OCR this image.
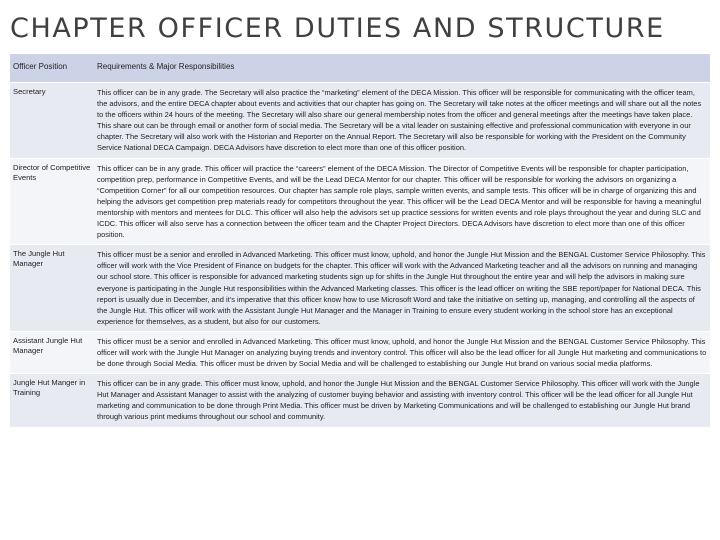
CHAPTER OFFICER DUTIES AND STRUCTURE
Officer Position	Requirements & Major Responsibilities
Secretary	This officer can be in any grade. The Secretary will also practice the “marketing” element of the DECA Mission. This officer will be responsible for communicating with the officer team, the advisors, and the entire DECA chapter about events and activities that our chapter has going on. The Secretary will take notes at the officer meetings and will share out all the notes to the officers within 24 hours of the meeting. The Secretary will also share our general membership notes from the officer and general meetings after the meetings have taken place. This share out can be through email or another form of social media. The Secretary will be a vital leader on sustaining effective and professional communication with everyone in our chapter. The Secretary will also work with the Historian and Reporter on the Annual Report. The Secretary will also be responsible for working with the President on the Community Service National DECA Campaign. DECA Advisors have discretion to elect more than one of this officer position.
Director of Competitive Events	This officer can be in any grade. This officer will practice the “careers” element of the DECA Mission. The Director of Competitive Events will be responsible for chapter participation, competition prep, performance in Competitive Events, and will be the Lead DECA Mentor for our chapter. This officer will be responsible for working the advisors on organizing a “Competition Corner” for all our competition resources. Our chapter has sample role plays, sample written events, and sample tests. This officer will be in charge of organizing this and helping the advisors get competition prep materials ready for competitors throughout the year. This officer will be the Lead DECA Mentor and will be responsible for having a meaningful mentorship with mentors and mentees for DLC. This officer will also help the advisors set up practice sessions for written events and role plays throughout the year and during SLC and ICDC. This officer will also serve has a connection between the officer team and the Chapter Project Directors. DECA Advisors have discretion to elect more than one of this officer position.
The Jungle Hut Manager	This officer must be a senior and enrolled in Advanced Marketing. This officer must know, uphold, and honor the Jungle Hut Mission and the BENGAL Customer Service Philosophy. This officer will work with the Vice President of Finance on budgets for the chapter. This officer will work with the Advanced Marketing teacher and all the advisors on running and managing our school store. This officer is responsible for advanced marketing students sign up for shifts in the Jungle Hut throughout the entire year and will help the advisors in making sure everyone is participating in the Jungle Hut responsibilities within the Advanced Marketing classes. This officer is the lead officer on writing the SBE report/paper for National DECA. This report is usually due in December, and it’s imperative that this officer know how to use Microsoft Word and take the initiative on setting up, managing, and controlling all the aspects of the Jungle Hut. This officer will work with the Assistant Jungle Hut Manager and the Manager in Training to ensure every student working in the school store has an exceptional experience for themselves, as a student, but also for our customers.
Assistant Jungle Hut Manager	This officer must be a senior and enrolled in Advanced Marketing. This officer must know, uphold, and honor the Jungle Hut Mission and the BENGAL Customer Service Philosophy. This officer will work with the Jungle Hut Manager on analyzing buying trends and inventory control. This officer will also be the lead officer for all Jungle Hut marketing and communications to be done through Social Media. This officer must be driven by Social Media and will be challenged to establishing our Jungle Hut brand on various social media platforms.
Jungle Hut Manger in Training	This officer can be in any grade. This officer must know, uphold, and honor the Jungle Hut Mission and the BENGAL Customer Service Philosophy. This officer will work with the Jungle Hut Manager and Assistant Manager to assist with the analyzing of customer buying behavior and assisting with inventory control. This officer will be the lead officer for all Jungle Hut marketing and communication to be done through Print Media. This officer must be driven by Marketing Communications and will be challenged to establishing our Jungle Hut brand through various print mediums throughout our school and community.
